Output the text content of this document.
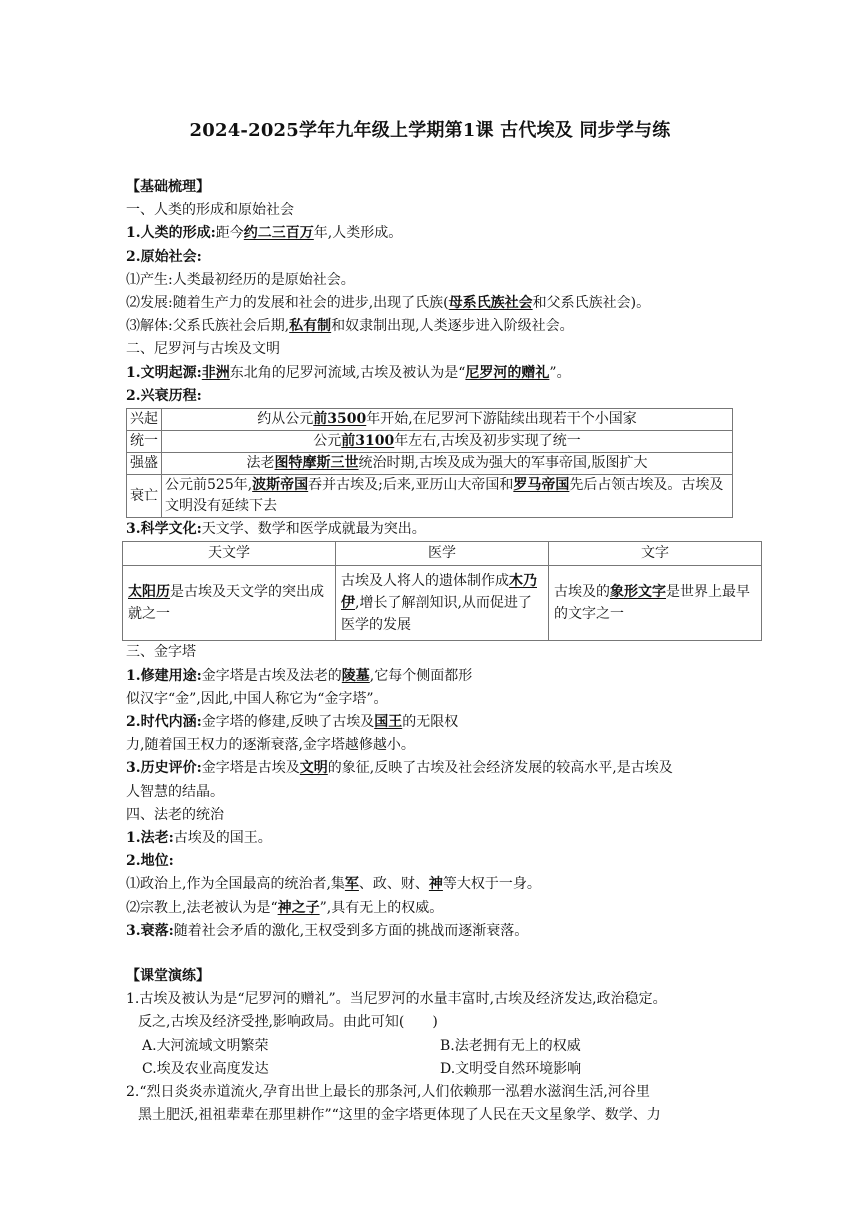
2024-2025学年九年级上学期第1课 古代埃及 同步学与练

【基础梳理】

一、人类的形成和原始社会

1.人类的形成:距今约二三百万年,人类形成。

2.原始社会:

⑴产生:人类最初经历的是原始社会。

⑵发展:随着生产力的发展和社会的进步,出现了氏族(母系氏族社会和父系氏族社会)。

⑶解体:父系氏族社会后期,私有制和奴隶制出现,人类逐步进入阶级社会。

二、尼罗河与古埃及文明

1.文明起源:非洲东北角的尼罗河流域,古埃及被认为是“尼罗河的赠礼”。

2.兴衰历程:

兴起	约从公元前3500年开始,在尼罗河下游陆续出现若干个小国家
统一	公元前3100年左右,古埃及初步实现了统一
强盛	法老图特摩斯三世统治时期,古埃及成为强大的军事帝国,版图扩大
衰亡	公元前525年,波斯帝国吞并古埃及;后来,亚历山大帝国和罗马帝国先后占领古埃及。古埃及文明没有延续下去

3.科学文化:天文学、数学和医学成就最为突出。

天文学	医学	文字
太阳历是古埃及天文学的突出成就之一	古埃及人将人的遗体制作成木乃伊,增长了解剖知识,从而促进了医学的发展	古埃及的象形文字是世界上最早的文字之一

三、金字塔

1.修建用途:金字塔是古埃及法老的陵墓,它每个侧面都形

似汉字“金”,因此,中国人称它为“金字塔”。

2.时代内涵:金字塔的修建,反映了古埃及国王的无限权

力,随着国王权力的逐渐衰落,金字塔越修越小。

3.历史评价:金字塔是古埃及文明的象征,反映了古埃及社会经济发展的较高水平,是古埃及

人智慧的结晶。

四、法老的统治

1.法老:古埃及的国王。

2.地位:

⑴政治上,作为全国最高的统治者,集军、政、财、神等大权于一身。

⑵宗教上,法老被认为是“神之子”,具有无上的权威。

3.衰落:随着社会矛盾的激化,王权受到多方面的挑战而逐渐衰落。

【课堂演练】

1.古埃及被认为是“尼罗河的赠礼”。当尼罗河的水量丰富时,古埃及经济发达,政治稳定。

反之,古埃及经济受挫,影响政局。由此可知(　　)

A.大河流域文明繁荣	B.法老拥有无上的权威
C.埃及农业高度发达	D.文明受自然环境影响

2.“烈日炎炎赤道流火,孕育出世上最长的那条河,人们依赖那一泓碧水滋润生活,河谷里

黑土肥沃,祖祖辈辈在那里耕作”“这里的金字塔更体现了人民在天文星象学、数学、力
